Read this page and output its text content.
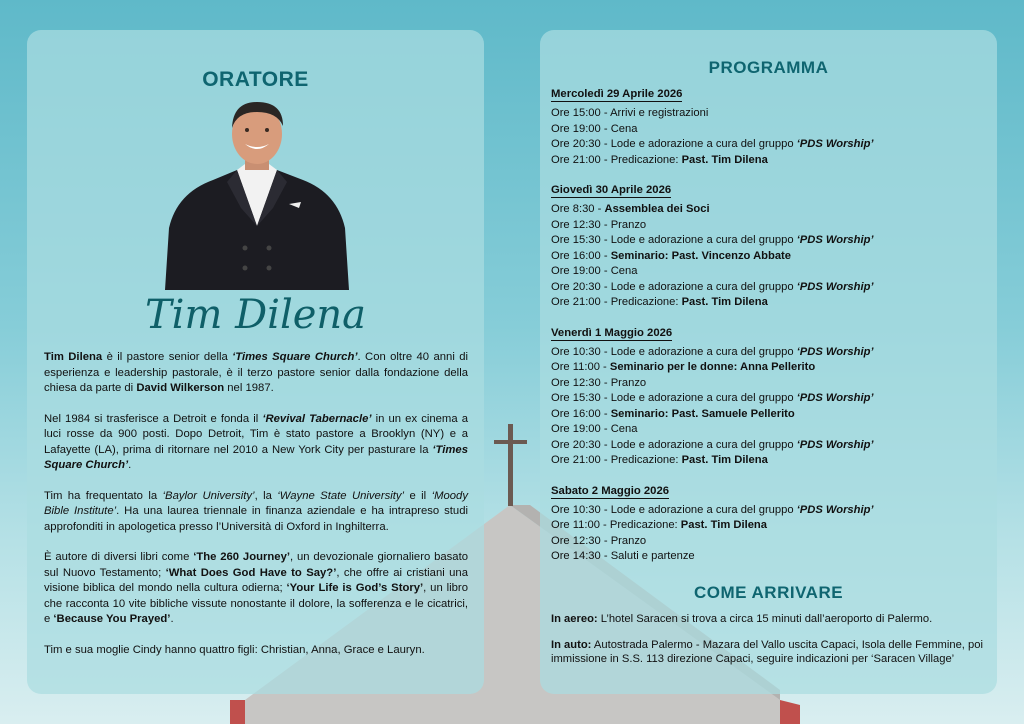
ORATORE
Tim Dilena

Tim Dilena è il pastore senior della ‘Times Square Church’. Con oltre 40 anni di esperienza e leadership pastorale, è il terzo pastore senior dalla fondazione della chiesa da parte di David Wilkerson nel 1987.

Nel 1984 si trasferisce a Detroit e fonda il ‘Revival Tabernacle’ in un ex cinema a luci rosse da 900 posti. Dopo Detroit, Tim è stato pastore a Brooklyn (NY) e a Lafayette (LA), prima di ritornare nel 2010 a New York City per pasturare la ‘Times Square Church’.

Tim ha frequentato la ‘Baylor University’, la ‘Wayne State University’ e il ‘Moody Bible Institute’. Ha una laurea triennale in finanza aziendale e ha intrapreso studi approfonditi in apologetica presso l’Università di Oxford in Inghilterra.

È autore di diversi libri come ‘The 260 Journey’, un devozionale giornaliero basato sul Nuovo Testamento; ‘What Does God Have to Say?’, che offre ai cristiani una visione biblica del mondo nella cultura odierna; ‘Your Life is God’s Story’, un libro che racconta 10 vite bibliche vissute nonostante il dolore, la sofferenza e le cicatrici, e ‘Because You Prayed’.

Tim e sua moglie Cindy hanno quattro figli: Christian, Anna, Grace e Lauryn.

PROGRAMMA
Mercoledì 29 Aprile 2026
Ore 15:00 - Arrivi e registrazioni
Ore 19:00 - Cena
Ore 20:30 - Lode e adorazione a cura del gruppo ‘PDS Worship’
Ore 21:00 - Predicazione: Past. Tim Dilena
Giovedì 30 Aprile 2026
Ore 8:30 - Assemblea dei Soci
Ore 12:30 - Pranzo
Ore 15:30 - Lode e adorazione a cura del gruppo ‘PDS Worship’
Ore 16:00 - Seminario: Past. Vincenzo Abbate
Ore 19:00 - Cena
Ore 20:30 - Lode e adorazione a cura del gruppo ‘PDS Worship’
Ore 21:00 - Predicazione: Past. Tim Dilena
Venerdì 1 Maggio 2026
Ore 10:30 - Lode e adorazione a cura del gruppo ‘PDS Worship’
Ore 11:00 - Seminario per le donne: Anna Pellerito
Ore 12:30 - Pranzo
Ore 15:30 - Lode e adorazione a cura del gruppo ‘PDS Worship’
Ore 16:00 - Seminario: Past. Samuele Pellerito
Ore 19:00 - Cena
Ore 20:30 - Lode e adorazione a cura del gruppo ‘PDS Worship’
Ore 21:00 - Predicazione: Past. Tim Dilena
Sabato 2 Maggio 2026
Ore 10:30 - Lode e adorazione a cura del gruppo ‘PDS Worship’
Ore 11:00 - Predicazione: Past. Tim Dilena
Ore 12:30 - Pranzo
Ore 14:30 - Saluti e partenze
COME ARRIVARE

In aereo: L’hotel Saracen si trova a circa 15 minuti dall’aeroporto di Palermo.

In auto: Autostrada Palermo - Mazara del Vallo uscita Capaci, Isola delle Femmine, poi immissione in S.S. 113 direzione Capaci, seguire indicazioni per ‘Saracen Village’
